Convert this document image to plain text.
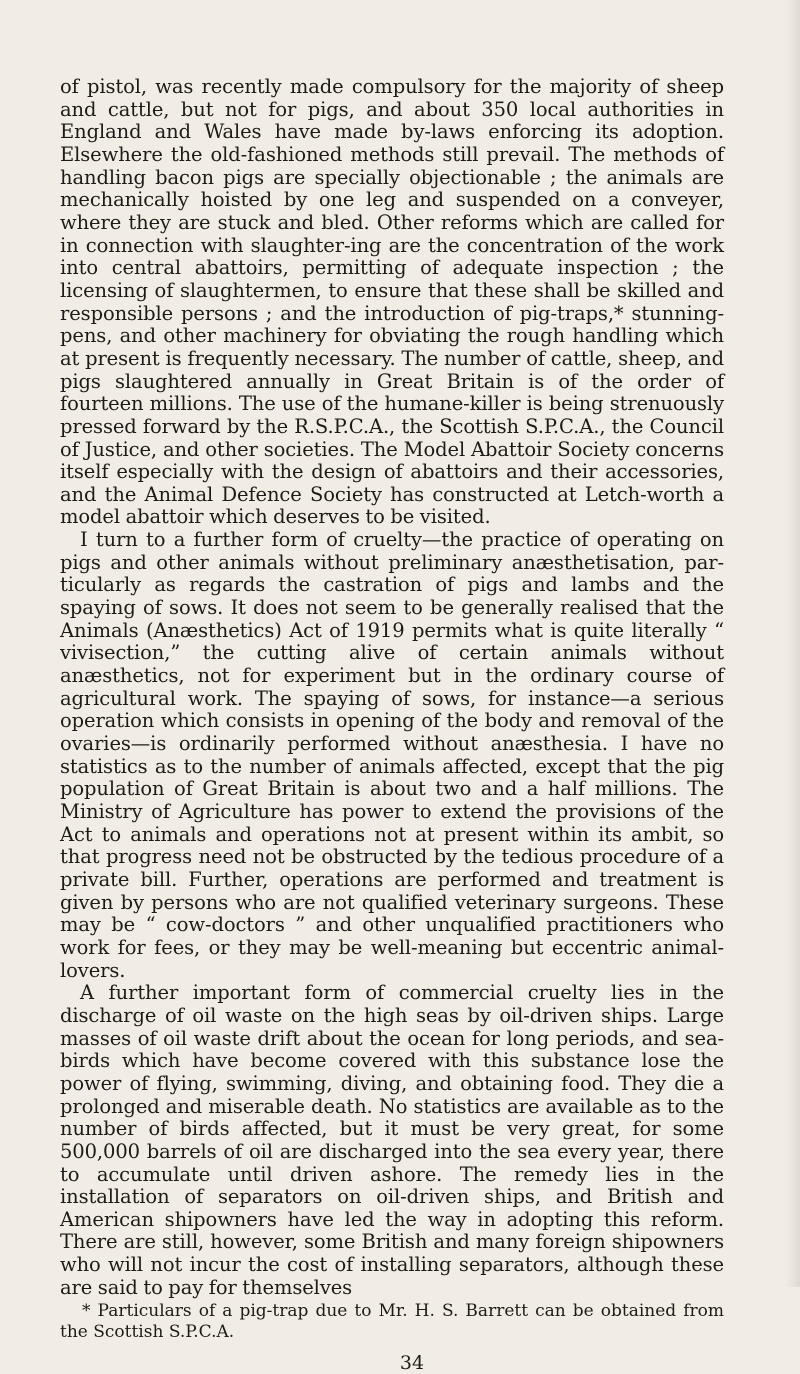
of pistol, was recently made compulsory for the majority of sheep and cattle, but not for pigs, and about 350 local authorities in England and Wales have made by-laws enforcing its adoption. Elsewhere the old-fashioned methods still prevail. The methods of handling bacon pigs are specially objectionable ; the animals are mechanically hoisted by one leg and suspended on a conveyer, where they are stuck and bled. Other reforms which are called for in connection with slaughter-ing are the concentration of the work into central abattoirs, permitting of adequate inspection ; the licensing of slaughtermen, to ensure that these shall be skilled and responsible persons ; and the introduction of pig-traps,* stunning-pens, and other machinery for obviating the rough handling which at present is frequently necessary. The number of cattle, sheep, and pigs slaughtered annually in Great Britain is of the order of fourteen millions. The use of the humane-killer is being strenuously pressed forward by the R.S.P.C.A., the Scottish S.P.C.A., the Council of Justice, and other societies. The Model Abattoir Society concerns itself especially with the design of abattoirs and their accessories, and the Animal Defence Society has constructed at Letch-worth a model abattoir which deserves to be visited.

I turn to a further form of cruelty—the practice of operating on pigs and other animals without preliminary anæsthetisation, par-ticularly as regards the castration of pigs and lambs and the spaying of sows. It does not seem to be generally realised that the Animals (Anæsthetics) Act of 1919 permits what is quite literally “ vivisection,” the cutting alive of certain animals without anæsthetics, not for experiment but in the ordinary course of agricultural work. The spaying of sows, for instance—a serious operation which consists in opening of the body and removal of the ovaries—is ordinarily performed without anæsthesia. I have no statistics as to the number of animals affected, except that the pig population of Great Britain is about two and a half millions. The Ministry of Agriculture has power to extend the provisions of the Act to animals and operations not at present within its ambit, so that progress need not be obstructed by the tedious procedure of a private bill. Further, operations are performed and treatment is given by persons who are not qualified veterinary surgeons. These may be “ cow-doctors ” and other unqualified practitioners who work for fees, or they may be well-meaning but eccentric animal-lovers.

A further important form of commercial cruelty lies in the discharge of oil waste on the high seas by oil-driven ships. Large masses of oil waste drift about the ocean for long periods, and sea-birds which have become covered with this substance lose the power of flying, swimming, diving, and obtaining food. They die a prolonged and miserable death. No statistics are available as to the number of birds affected, but it must be very great, for some 500,000 barrels of oil are discharged into the sea every year, there to accumulate until driven ashore. The remedy lies in the installation of separators on oil-driven ships, and British and American shipowners have led the way in adopting this reform. There are still, however, some British and many foreign shipowners who will not incur the cost of installing separators, although these are said to pay for themselves

* Particulars of a pig-trap due to Mr. H. S. Barrett can be obtained from the Scottish S.P.C.A.

34
